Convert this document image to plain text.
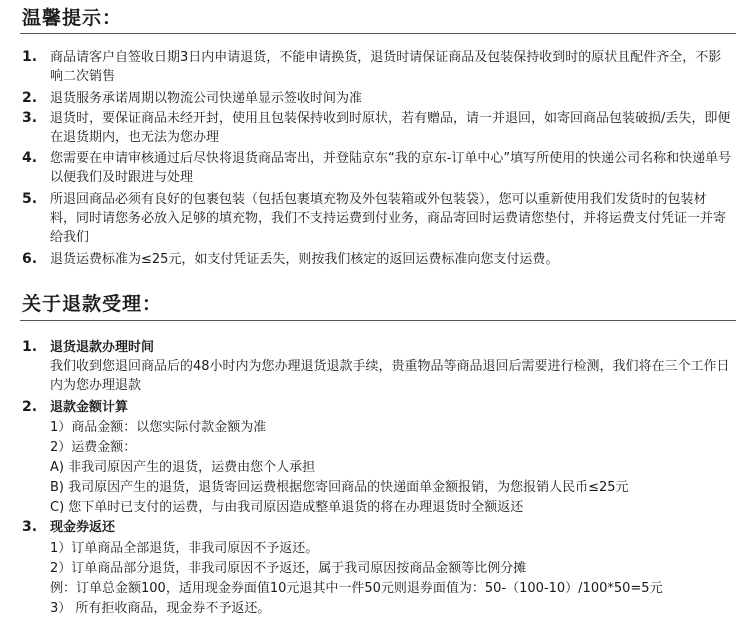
温馨提示：
1. 商品请客户自签收日期3日内申请退货，不能申请换货，退货时请保证商品及包装保持收到时的原状且配件齐全，不影响二次销售
2. 退货服务承诺周期以物流公司快递单显示签收时间为准
3. 退货时，要保证商品未经开封，使用且包装保持收到时原状，若有赠品，请一并退回，如寄回商品包装破损/丢失，即便在退货期内，也无法为您办理
4. 您需要在申请审核通过后尽快将退货商品寄出，并登陆京东“我的京东-订单中心”填写所使用的快递公司名称和快递单号以便我们及时跟进与处理
5. 所退回商品必须有良好的包裹包装（包括包裹填充物及外包装箱或外包装袋），您可以重新使用我们发货时的包装材料，同时请您务必放入足够的填充物，我们不支持运费到付业务，商品寄回时运费请您垫付，并将运费支付凭证一并寄给我们
6. 退货运费标准为≤25元，如支付凭证丢失，则按我们核定的返回运费标准向您支付运费。
关于退款受理：
1. 退货退款办理时间
我们收到您退回商品后的48小时内为您办理退货退款手续，贵重物品等商品退回后需要进行检测，我们将在三个工作日内为您办理退款
2. 退款金额计算
1）商品金额：以您实际付款金额为准
2）运费金额：
A) 非我司原因产生的退货，运费由您个人承担
B) 我司原因产生的退货，退货寄回运费根据您寄回商品的快递面单金额报销，为您报销人民币≤25元
C) 您下单时已支付的运费，与由我司原因造成整单退货的将在办理退货时全额返还
3. 现金券返还
1）订单商品全部退货，非我司原因不予返还。
2）订单商品部分退货，非我司原因不予返还，属于我司原因按商品金额等比例分摊
例：订单总金额100，适用现金券面值10元退其中一件50元则退券面值为：50-（100-10）/100*50=5元
3） 所有拒收商品，现金券不予返还。
